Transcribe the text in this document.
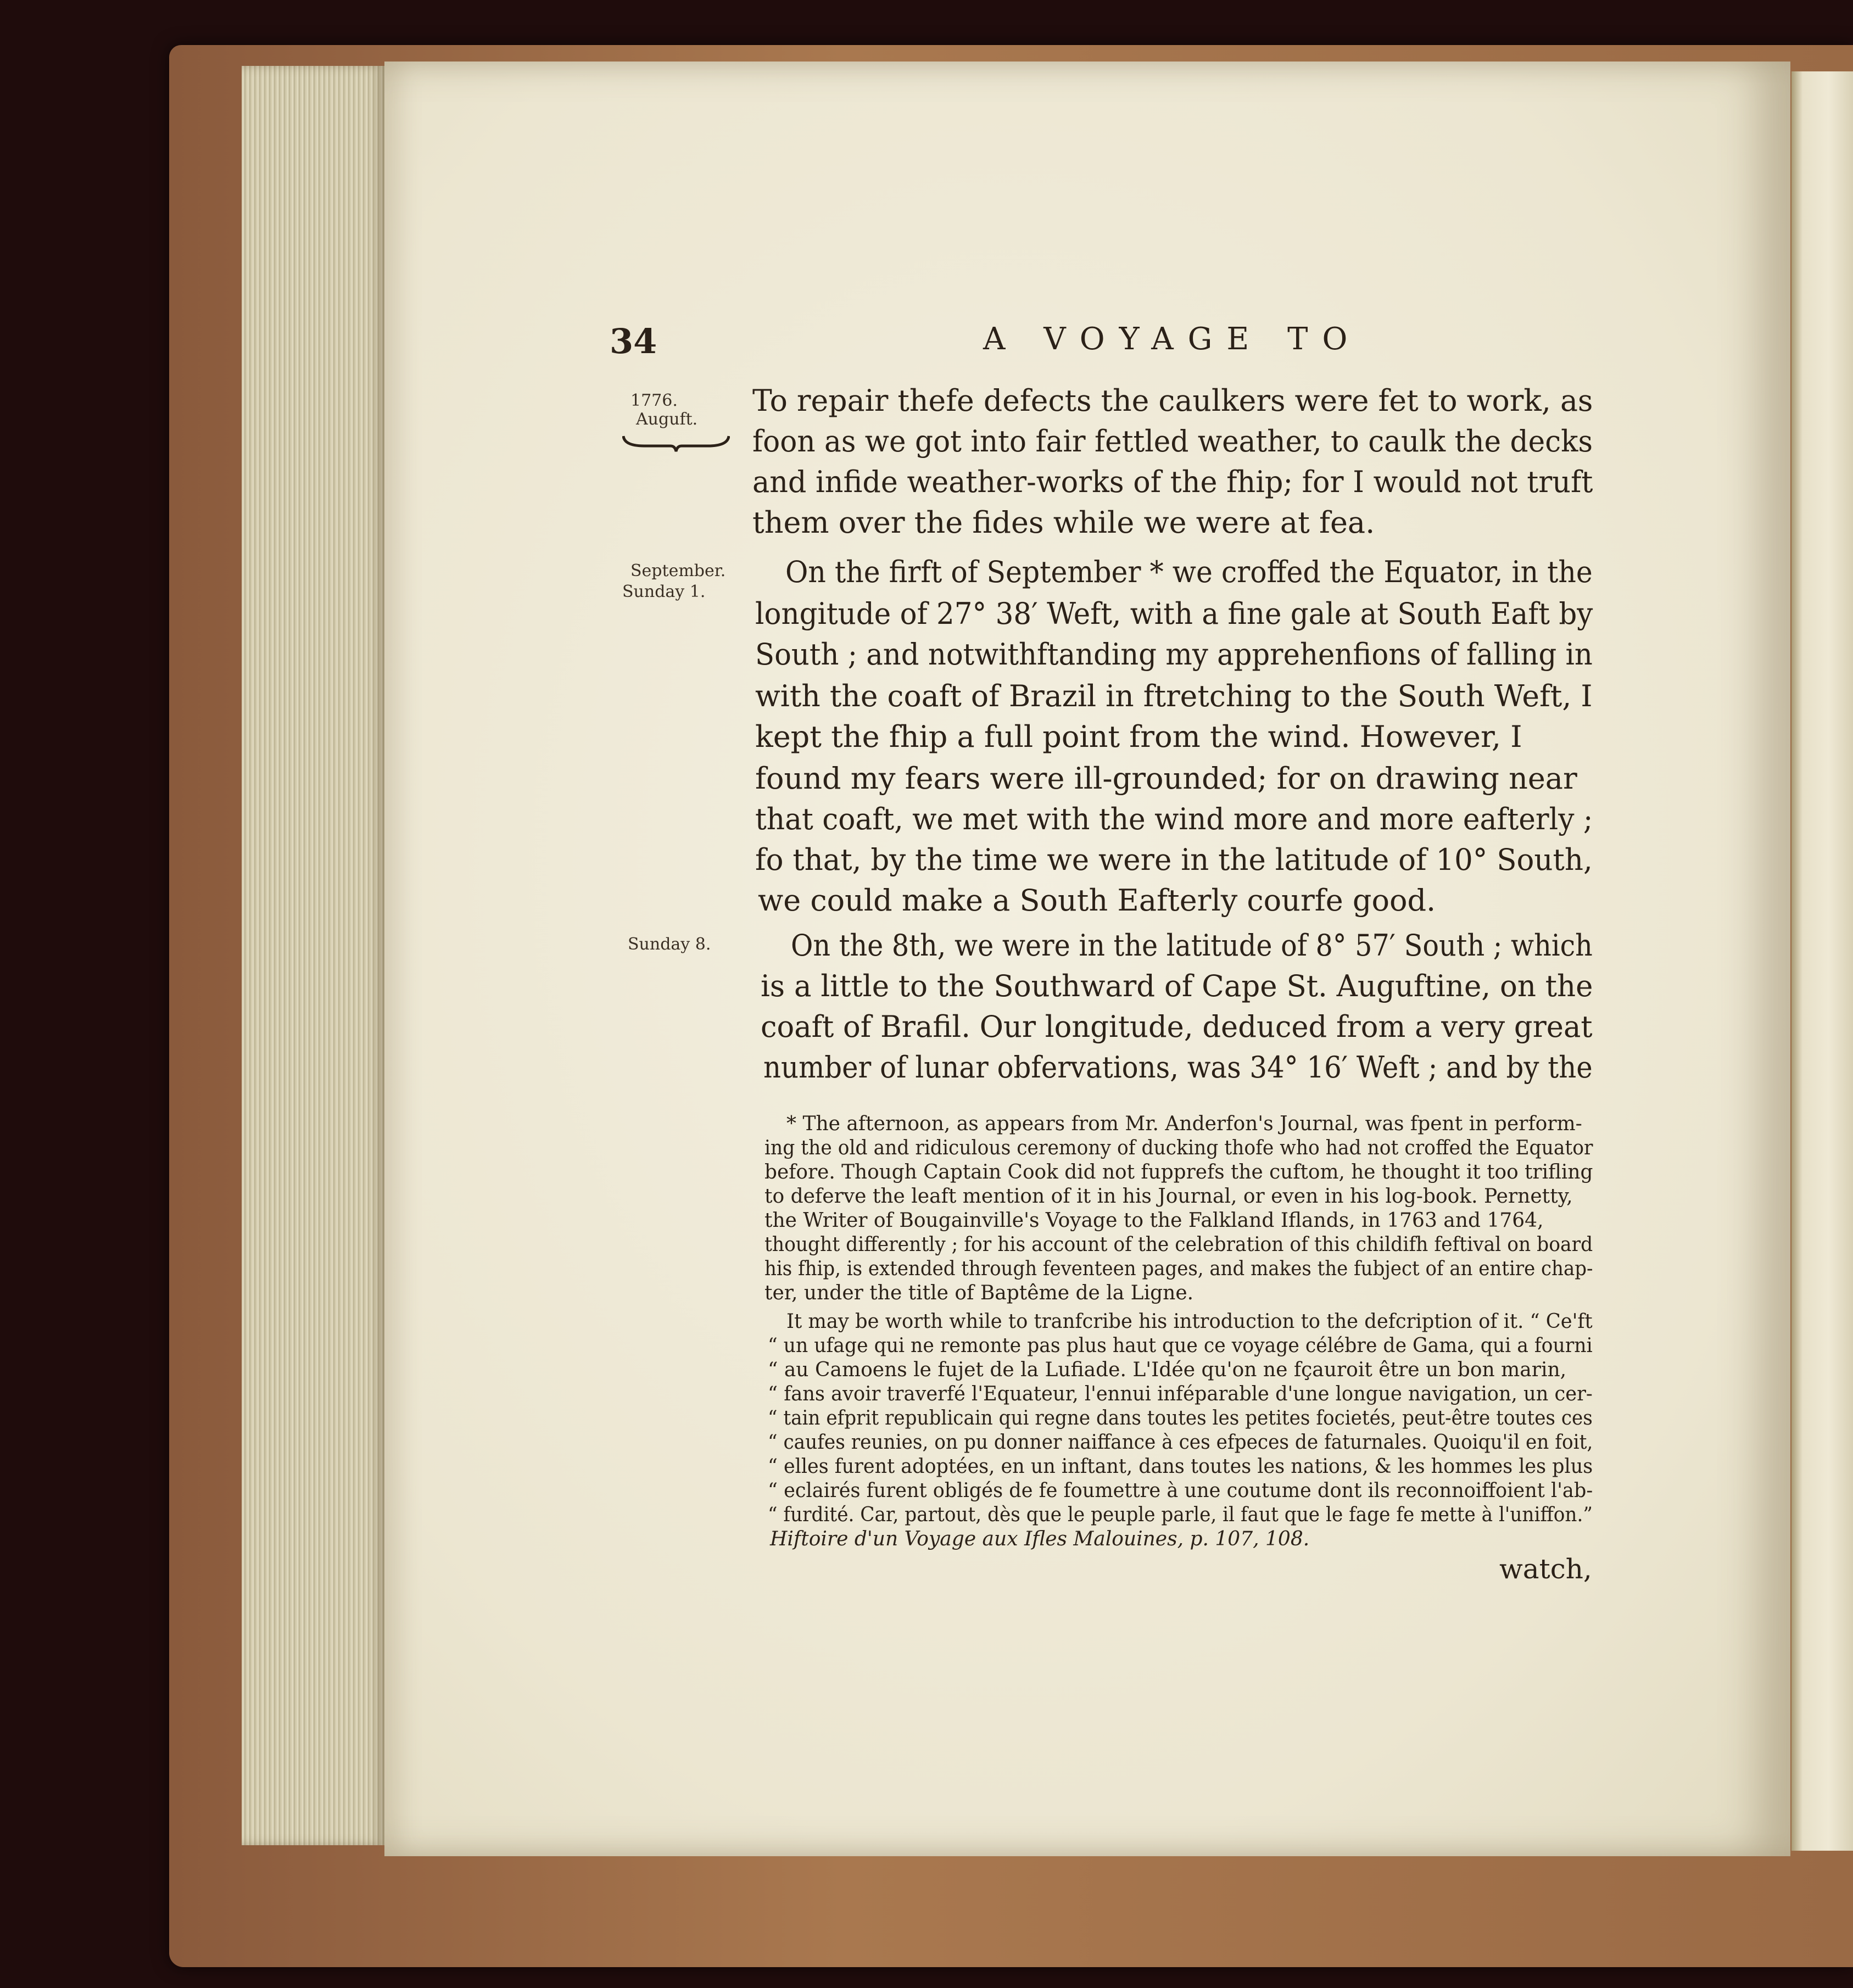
34	A VOYAGE TO
1776.
Auguft.
September.
Sunday 1.
Sunday 8.
To repair thefe defects the caulkers were fet to work, as
foon as we got into fair fettled weather, to caulk the decks
and infide weather-works of the fhip; for I would not truft
them over the fides while we were at fea.
On the firft of September * we croffed the Equator, in the
longitude of 27° 38′ Weft, with a fine gale at South Eaft by
South ; and notwithftanding my apprehenfions of falling in
with the coaft of Brazil in ftretching to the South Weft, I
kept the fhip a full point from the wind. However, I
found my fears were ill-grounded; for on drawing near
that coaft, we met with the wind more and more eafterly ;
fo that, by the time we were in the latitude of 10° South,
we could make a South Eafterly courfe good.
On the 8th, we were in the latitude of 8° 57′ South ; which
is a little to the Southward of Cape St. Auguftine, on the
coaft of Brafil. Our longitude, deduced from a very great
number of lunar obfervations, was 34° 16′ Weft ; and by the
* The afternoon, as appears from Mr. Anderfon's Journal, was fpent in perform-
ing the old and ridiculous ceremony of ducking thofe who had not croffed the Equator
before. Though Captain Cook did not fupprefs the cuftom, he thought it too trifling
to deferve the leaft mention of it in his Journal, or even in his log-book. Pernetty,
the Writer of Bougainville's Voyage to the Falkland Iflands, in 1763 and 1764,
thought differently ; for his account of the celebration of this childifh feftival on board
his fhip, is extended through feventeen pages, and makes the fubject of an entire chap-
ter, under the title of Baptême de la Ligne.
It may be worth while to tranfcribe his introduction to the defcription of it. “ Ce'ft
“ un ufage qui ne remonte pas plus haut que ce voyage célébre de Gama, qui a fourni
“ au Camoens le fujet de la Lufiade. L'Idée qu'on ne fçauroit être un bon marin,
“ fans avoir traverfé l'Equateur, l'ennui inféparable d'une longue navigation, un cer-
“ tain efprit republicain qui regne dans toutes les petites focietés, peut-être toutes ces
“ caufes reunies, on pu donner naiffance à ces efpeces de faturnales. Quoiqu'il en foit,
“ elles furent adoptées, en un inftant, dans toutes les nations, & les hommes les plus
“ eclairés furent obligés de fe foumettre à une coutume dont ils reconnoiffoient l'ab-
“ furdité. Car, partout, dès que le peuple parle, il faut que le fage fe mette à l'uniffon.”
Hiftoire d'un Voyage aux Ifles Malouines, p. 107, 108.
watch,
